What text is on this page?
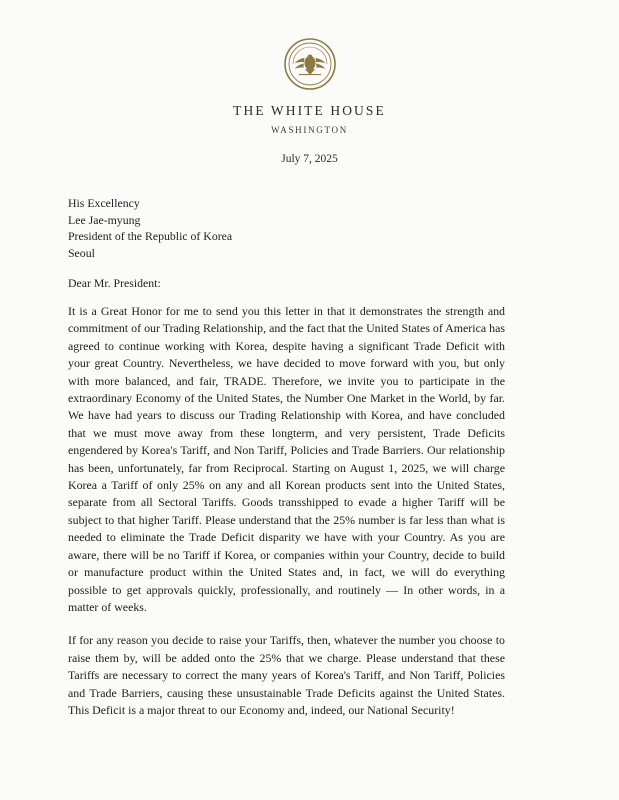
THE WHITE HOUSE
WASHINGTON
July 7, 2025
His Excellency
Lee Jae-myung
President of the Republic of Korea
Seoul
Dear Mr. President:

It is a Great Honor for me to send you this letter in that it demonstrates the strength and commitment of our Trading Relationship, and the fact that the United States of America has agreed to continue working with Korea, despite having a significant Trade Deficit with your great Country. Nevertheless, we have decided to move forward with you, but only with more balanced, and fair, TRADE. Therefore, we invite you to participate in the extraordinary Economy of the United States, the Number One Market in the World, by far. We have had years to discuss our Trading Relationship with Korea, and have concluded that we must move away from these longterm, and very persistent, Trade Deficits engendered by Korea's Tariff, and Non Tariff, Policies and Trade Barriers. Our relationship has been, unfortunately, far from Reciprocal. Starting on August 1, 2025, we will charge Korea a Tariff of only 25% on any and all Korean products sent into the United States, separate from all Sectoral Tariffs. Goods transshipped to evade a higher Tariff will be subject to that higher Tariff. Please understand that the 25% number is far less than what is needed to eliminate the Trade Deficit disparity we have with your Country. As you are aware, there will be no Tariff if Korea, or companies within your Country, decide to build or manufacture product within the United States and, in fact, we will do everything possible to get approvals quickly, professionally, and routinely — In other words, in a matter of weeks.

If for any reason you decide to raise your Tariffs, then, whatever the number you choose to raise them by, will be added onto the 25% that we charge. Please understand that these Tariffs are necessary to correct the many years of Korea's Tariff, and Non Tariff, Policies and Trade Barriers, causing these unsustainable Trade Deficits against the United States. This Deficit is a major threat to our Economy and, indeed, our National Security!
